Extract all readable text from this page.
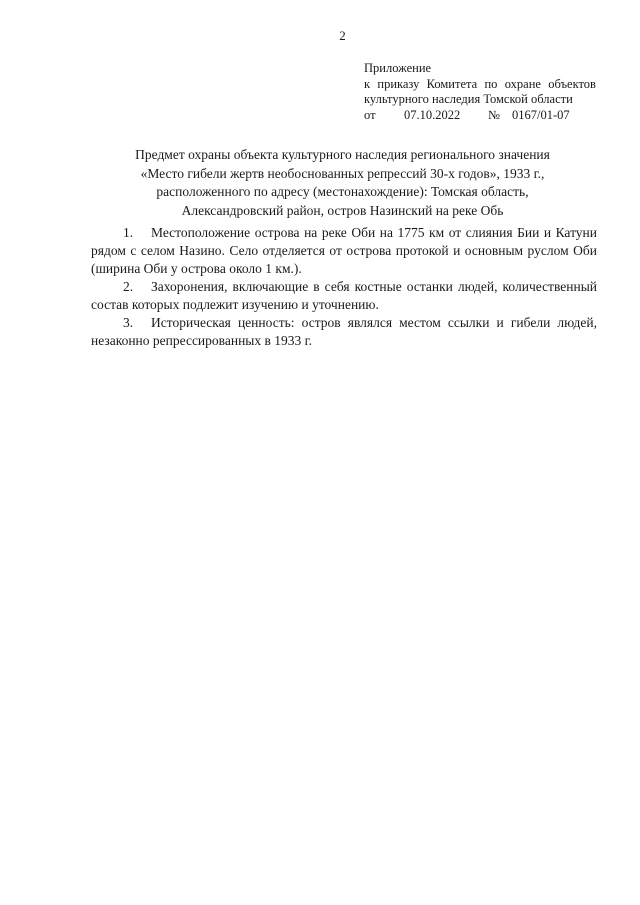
2
Приложение
к приказу Комитета по охране объектов
культурного наследия Томской области
от	07.10.2022	№ 0167/01-07
Предмет охраны объекта культурного наследия регионального значения
«Место гибели жертв необоснованных репрессий 30-х годов», 1933 г.,
расположенного по адресу (местонахождение): Томская область,
Александровский район, остров Назинский на реке Обь
1. Местоположение острова на реке Оби на 1775 км от слияния Бии и Катуни рядом с селом Назино. Село отделяется от острова протокой и основным руслом Оби (ширина Оби у острова около 1 км.).
2. Захоронения, включающие в себя костные останки людей, количественный состав которых подлежит изучению и уточнению.
3. Историческая ценность: остров являлся местом ссылки и гибели людей, незаконно репрессированных в 1933 г.
